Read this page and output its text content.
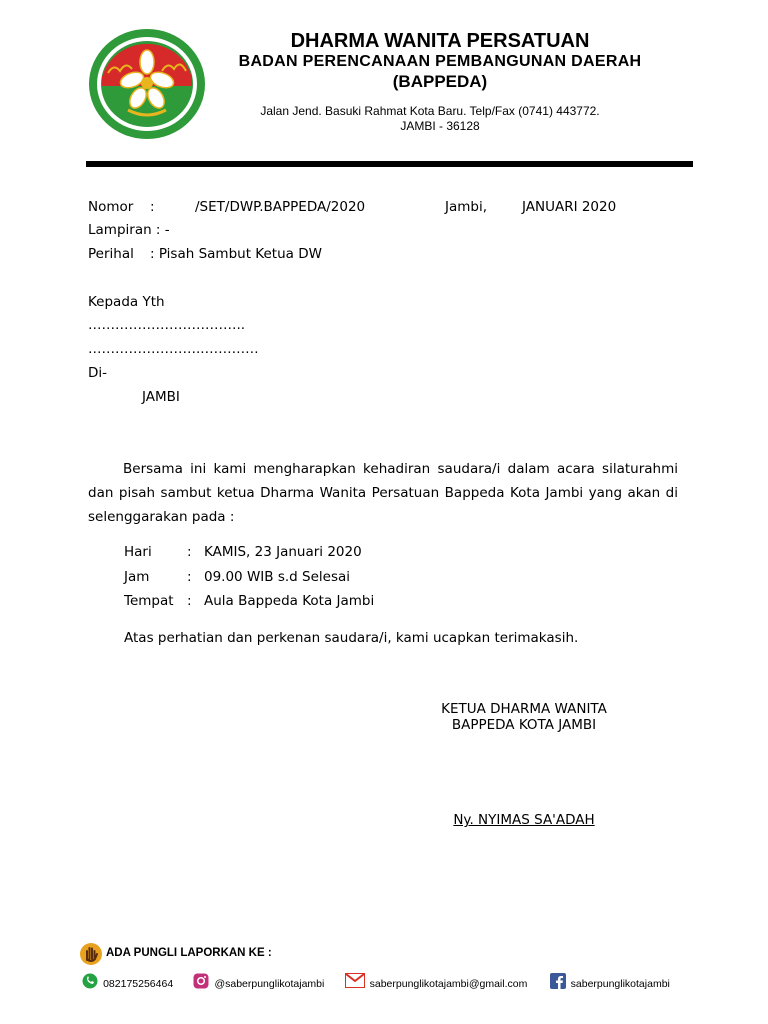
DHARMA WANITA PERSATUAN
BADAN PERENCANAAN PEMBANGUNAN DAERAH
(BAPPEDA)
Jalan Jend. Basuki Rahmat Kota Baru. Telp/Fax (0741) 443772.
JAMBI - 36128
Nomor :	/SET/DWP.BAPPEDA/2020	Jambi,	JANUARI 2020
Lampiran : -
Perihal : Pisah Sambut Ketua DW
Kepada Yth
……………………………..
……………………..…………
Di-
JAMBI
Bersama ini kami mengharapkan kehadiran saudara/i dalam acara silaturahmi dan pisah sambut ketua Dharma Wanita Persatuan Bappeda Kota Jambi yang akan di selenggarakan pada :
Hari	: KAMIS, 23 Januari 2020
Jam	: 09.00 WIB s.d Selesai
Tempat : Aula Bappeda Kota Jambi
Atas perhatian dan perkenan saudara/i, kami ucapkan terimakasih.
KETUA DHARMA WANITA
BAPPEDA KOTA JAMBI
Ny. NYIMAS SA'ADAH
ADA PUNGLI LAPORKAN KE :
082175256464	@saberpunglikotajambi	saberpunglikotajambi@gmail.com	saberpunglikotajambi
